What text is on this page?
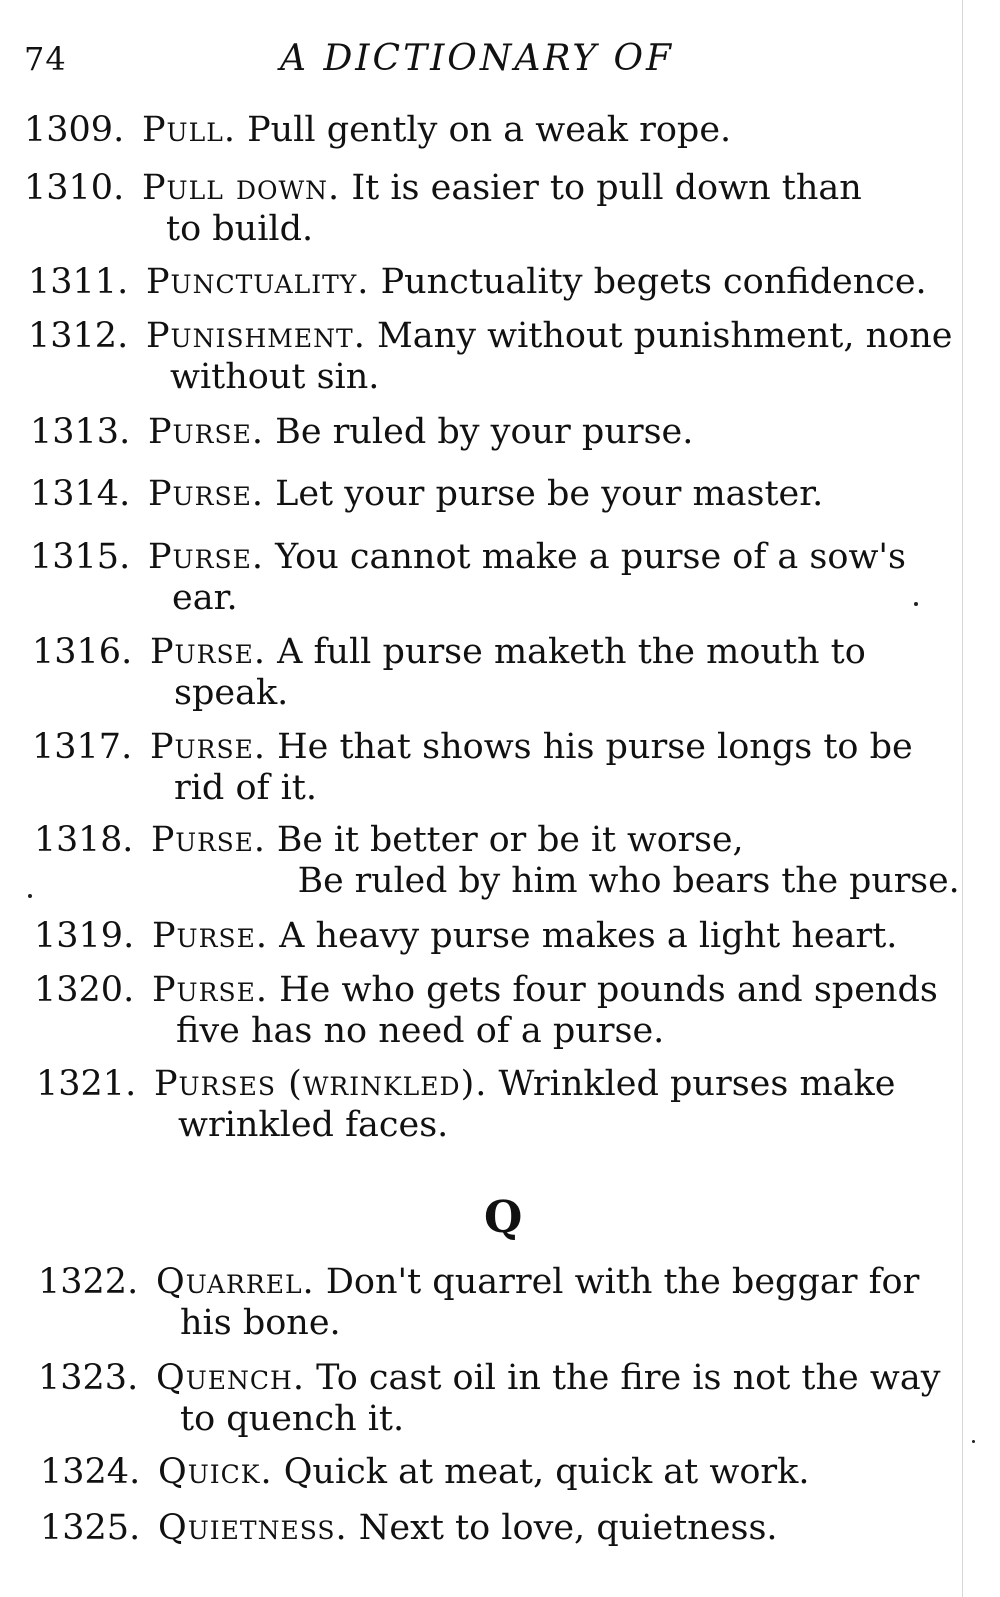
74	A DICTIONARY OF
1309. Pull. Pull gently on a weak rope.
1310. Pull down. It is easier to pull down than
to build.
1311. Punctuality. Punctuality begets confidence.
1312. Punishment. Many without punishment, none
without sin.
1313. Purse. Be ruled by your purse.
1314. Purse. Let your purse be your master.
1315. Purse. You cannot make a purse of a sow's
ear.
1316. Purse. A full purse maketh the mouth to
speak.
1317. Purse. He that shows his purse longs to be
rid of it.
1318. Purse. Be it better or be it worse,
Be ruled by him who bears the purse.
1319. Purse. A heavy purse makes a light heart.
1320. Purse. He who gets four pounds and spends
five has no need of a purse.
1321. Purses (wrinkled). Wrinkled purses make
wrinkled faces.
Q
1322. Quarrel. Don't quarrel with the beggar for
his bone.
1323. Quench. To cast oil in the fire is not the way
to quench it.
1324. Quick. Quick at meat, quick at work.
1325. Quietness. Next to love, quietness.
